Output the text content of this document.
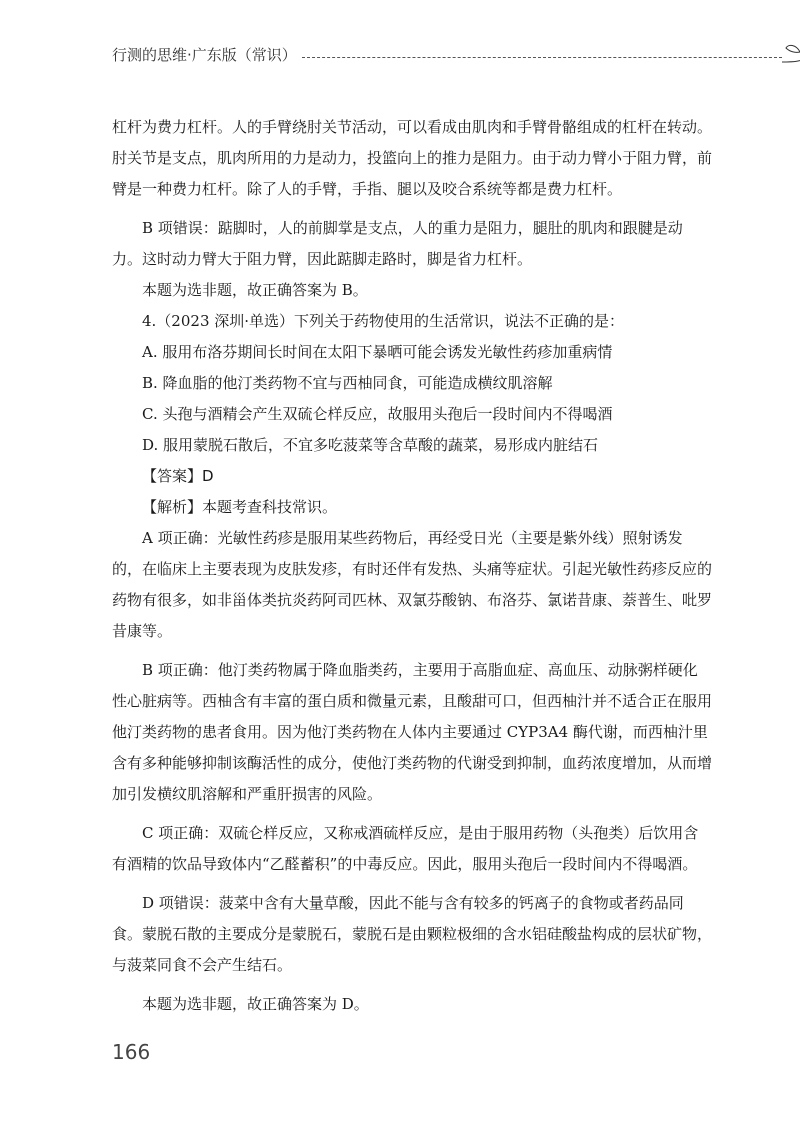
行测的思维·广东版（常识）

杠杆为费力杠杆。人的手臂绕肘关节活动，可以看成由肌肉和手臂骨骼组成的杠杆在转动。肘关节是支点，肌肉所用的力是动力，投篮向上的推力是阻力。由于动力臂小于阻力臂，前臂是一种费力杠杆。除了人的手臂，手指、腿以及咬合系统等都是费力杠杆。

B 项错误：踮脚时，人的前脚掌是支点，人的重力是阻力，腿肚的肌肉和跟腱是动力。这时动力臂大于阻力臂，因此踮脚走路时，脚是省力杠杆。

本题为选非题，故正确答案为 B。

4.（2023 深圳·单选）下列关于药物使用的生活常识，说法不正确的是：

A. 服用布洛芬期间长时间在太阳下暴晒可能会诱发光敏性药疹加重病情

B. 降血脂的他汀类药物不宜与西柚同食，可能造成横纹肌溶解

C. 头孢与酒精会产生双硫仑样反应，故服用头孢后一段时间内不得喝酒

D. 服用蒙脱石散后，不宜多吃菠菜等含草酸的蔬菜，易形成内脏结石

【答案】D

【解析】本题考查科技常识。

A 项正确：光敏性药疹是服用某些药物后，再经受日光（主要是紫外线）照射诱发的，在临床上主要表现为皮肤发疹，有时还伴有发热、头痛等症状。引起光敏性药疹反应的药物有很多，如非甾体类抗炎药阿司匹林、双氯芬酸钠、布洛芬、氯诺昔康、萘普生、吡罗昔康等。

B 项正确：他汀类药物属于降血脂类药，主要用于高脂血症、高血压、动脉粥样硬化性心脏病等。西柚含有丰富的蛋白质和微量元素，且酸甜可口，但西柚汁并不适合正在服用他汀类药物的患者食用。因为他汀类药物在人体内主要通过 CYP3A4 酶代谢，而西柚汁里含有多种能够抑制该酶活性的成分，使他汀类药物的代谢受到抑制，血药浓度增加，从而增加引发横纹肌溶解和严重肝损害的风险。

C 项正确：双硫仑样反应，又称戒酒硫样反应，是由于服用药物（头孢类）后饮用含有酒精的饮品导致体内“乙醛蓄积”的中毒反应。因此，服用头孢后一段时间内不得喝酒。

D 项错误：菠菜中含有大量草酸，因此不能与含有较多的钙离子的食物或者药品同食。蒙脱石散的主要成分是蒙脱石，蒙脱石是由颗粒极细的含水铝硅酸盐构成的层状矿物，与菠菜同食不会产生结石。

本题为选非题，故正确答案为 D。

166
